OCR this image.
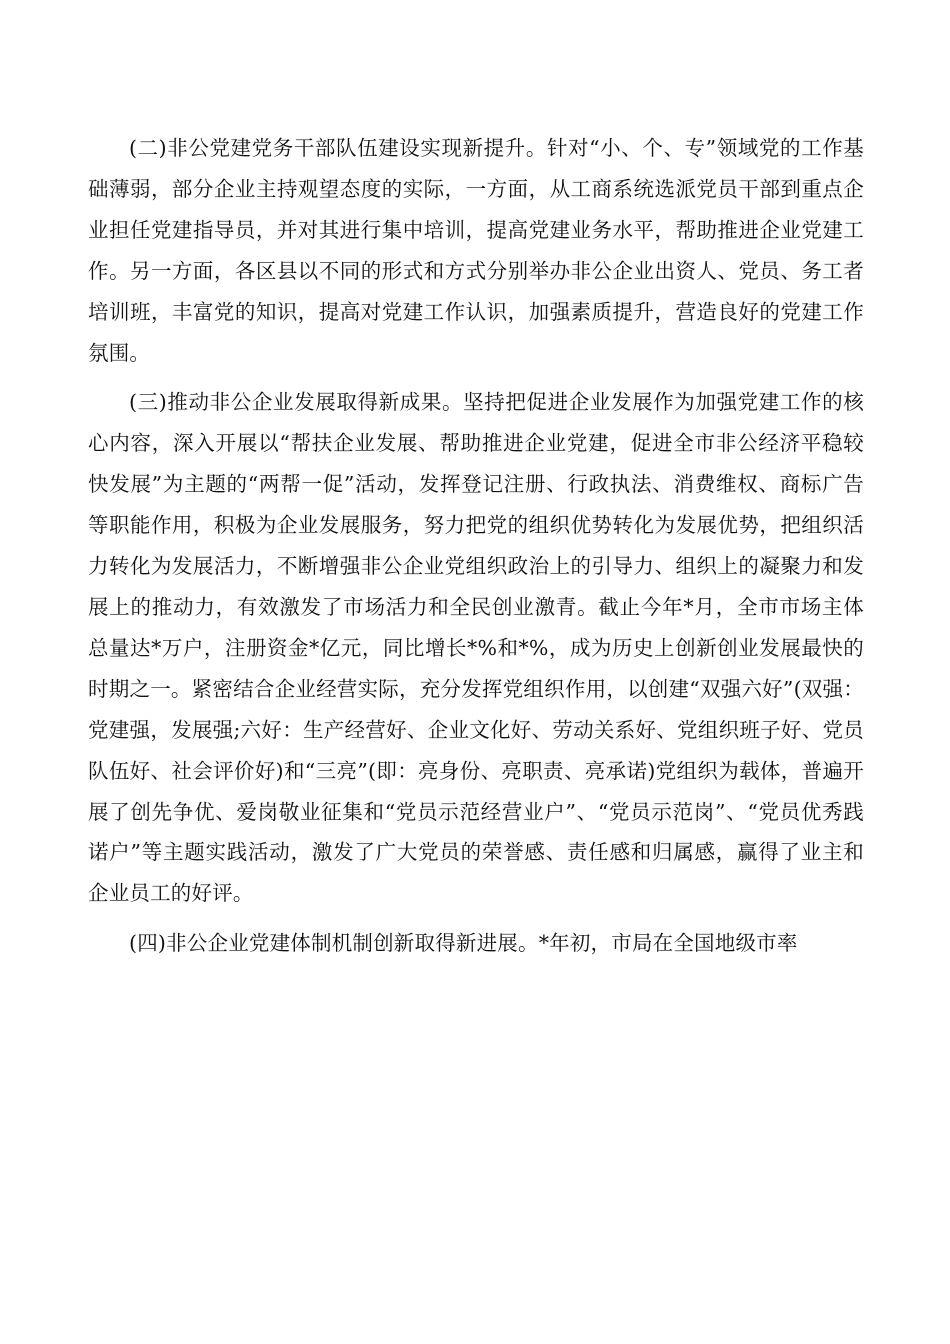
(二)非公党建党务干部队伍建设实现新提升。针对“小、个、专”领域党的工作基础薄弱，部分企业主持观望态度的实际，一方面，从工商系统选派党员干部到重点企业担任党建指导员，并对其进行集中培训，提高党建业务水平，帮助推进企业党建工作。另一方面，各区县以不同的形式和方式分别举办非公企业出资人、党员、务工者培训班，丰富党的知识，提高对党建工作认识，加强素质提升，营造良好的党建工作氛围。

(三)推动非公企业发展取得新成果。坚持把促进企业发展作为加强党建工作的核心内容，深入开展以“帮扶企业发展、帮助推进企业党建，促进全市非公经济平稳较快发展”为主题的“两帮一促”活动，发挥登记注册、行政执法、消费维权、商标广告等职能作用，积极为企业发展服务，努力把党的组织优势转化为发展优势，把组织活力转化为发展活力，不断增强非公企业党组织政治上的引导力、组织上的凝聚力和发展上的推动力，有效激发了市场活力和全民创业激青。截止今年*月，全市市场主体总量达*万户，注册资金*亿元，同比增长*%和*%，成为历史上创新创业发展最快的时期之一。紧密结合企业经营实际，充分发挥党组织作用，以创建“双强六好”(双强：党建强，发展强;六好：生产经营好、企业文化好、劳动关系好、党组织班子好、党员队伍好、社会评价好)和“三亮”(即：亮身份、亮职责、亮承诺)党组织为载体，普遍开展了创先争优、爱岗敬业征集和“党员示范经营业户”、“党员示范岗”、“党员优秀践诺户”等主题实践活动，激发了广大党员的荣誉感、责任感和归属感，赢得了业主和企业员工的好评。

(四)非公企业党建体制机制创新取得新进展。*年初，市局在全国地级市率
